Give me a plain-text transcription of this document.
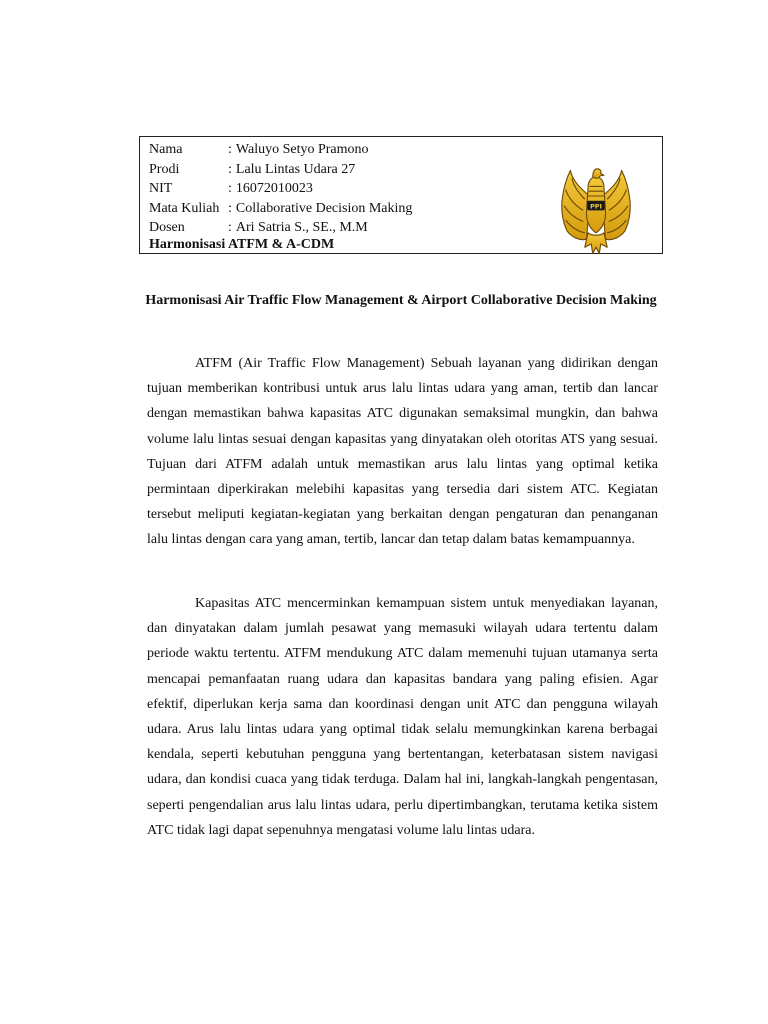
Nama	:	Waluyo Setyo Pramono
Prodi	:	Lalu Lintas Udara 27
NIT	:	16072010023
Mata Kuliah	:	Collaborative Decision Making
Dosen	:	Ari Satria S., SE., M.M
Harmonisasi ATFM & A-CDM
PPI
Harmonisasi Air Traffic Flow Management & Airport Collaborative Decision Making

ATFM (Air Traffic Flow Management) Sebuah layanan yang didirikan dengan tujuan memberikan kontribusi untuk arus lalu lintas udara yang aman, tertib dan lancar dengan memastikan bahwa kapasitas ATC digunakan semaksimal mungkin, dan bahwa volume lalu lintas sesuai dengan kapasitas yang dinyatakan oleh otoritas ATS yang sesuai. Tujuan dari ATFM adalah untuk memastikan arus lalu lintas yang optimal ketika permintaan diperkirakan melebihi kapasitas yang tersedia dari sistem ATC. Kegiatan tersebut meliputi kegiatan-kegiatan yang berkaitan dengan pengaturan dan penanganan lalu lintas dengan cara yang aman, tertib, lancar dan tetap dalam batas kemampuannya.

Kapasitas ATC mencerminkan kemampuan sistem untuk menyediakan layanan, dan dinyatakan dalam jumlah pesawat yang memasuki wilayah udara tertentu dalam periode waktu tertentu. ATFM mendukung ATC dalam memenuhi tujuan utamanya serta mencapai pemanfaatan ruang udara dan kapasitas bandara yang paling efisien. Agar efektif, diperlukan kerja sama dan koordinasi dengan unit ATC dan pengguna wilayah udara. Arus lalu lintas udara yang optimal tidak selalu memungkinkan karena berbagai kendala, seperti kebutuhan pengguna yang bertentangan, keterbatasan sistem navigasi udara, dan kondisi cuaca yang tidak terduga. Dalam hal ini, langkah-langkah pengentasan, seperti pengendalian arus lalu lintas udara, perlu dipertimbangkan, terutama ketika sistem ATC tidak lagi dapat sepenuhnya mengatasi volume lalu lintas udara.
